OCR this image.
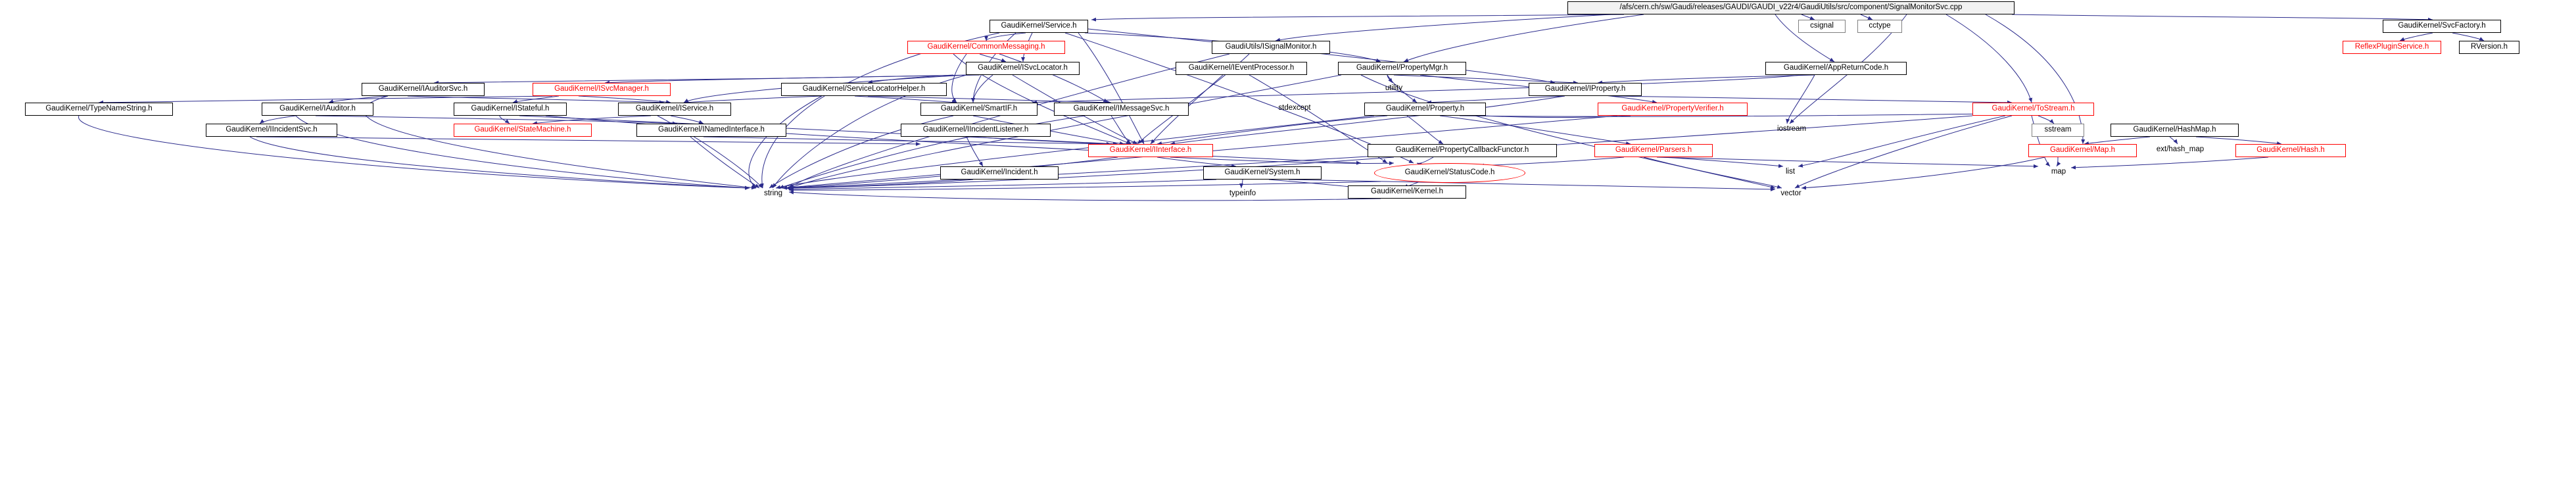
/afs/cern.ch/sw/Gaudi/releases/GAUDI/GAUDI_v22r4/GaudiUtils/src/component/SignalMonitorSvc.cpp
GaudiKernel/Service.h	csignal	cctype	GaudiKernel/SvcFactory.h
GaudiKernel/CommonMessaging.h	ReflexPluginService.h	RVersion.h
GaudiUtils/ISignalMonitor.h
GaudiKernel/ISvcLocator.h	GaudiKernel/IEventProcessor.h	GaudiKernel/PropertyMgr.h	GaudiKernel/AppReturnCode.h
GaudiKernel/IAuditorSvc.h	GaudiKernel/ISvcManager.h	GaudiKernel/ServiceLocatorHelper.h	GaudiKernel/IProperty.h
utility
GaudiKernel/TypeNameString.h	GaudiKernel/IAuditor.h	GaudiKernel/IStateful.h	GaudiKernel/IService.h	GaudiKernel/SmartIF.h	GaudiKernel/IMessageSvc.h	stdexcept	GaudiKernel/Property.h	GaudiKernel/PropertyVerifier.h	GaudiKernel/ToStream.h
GaudiKernel/IIncidentSvc.h	GaudiKernel/StateMachine.h	GaudiKernel/INamedInterface.h	GaudiKernel/IIncidentListener.h	iostream	sstream	GaudiKernel/HashMap.h
GaudiKernel/IInterface.h	GaudiKernel/PropertyCallbackFunctor.h	GaudiKernel/Parsers.h	GaudiKernel/Map.h	ext/hash_map	GaudiKernel/Hash.h
GaudiKernel/Incident.h	GaudiKernel/System.h	GaudiKernel/StatusCode.h	list	map
string	typeinfo	GaudiKernel/Kernel.h	vector
